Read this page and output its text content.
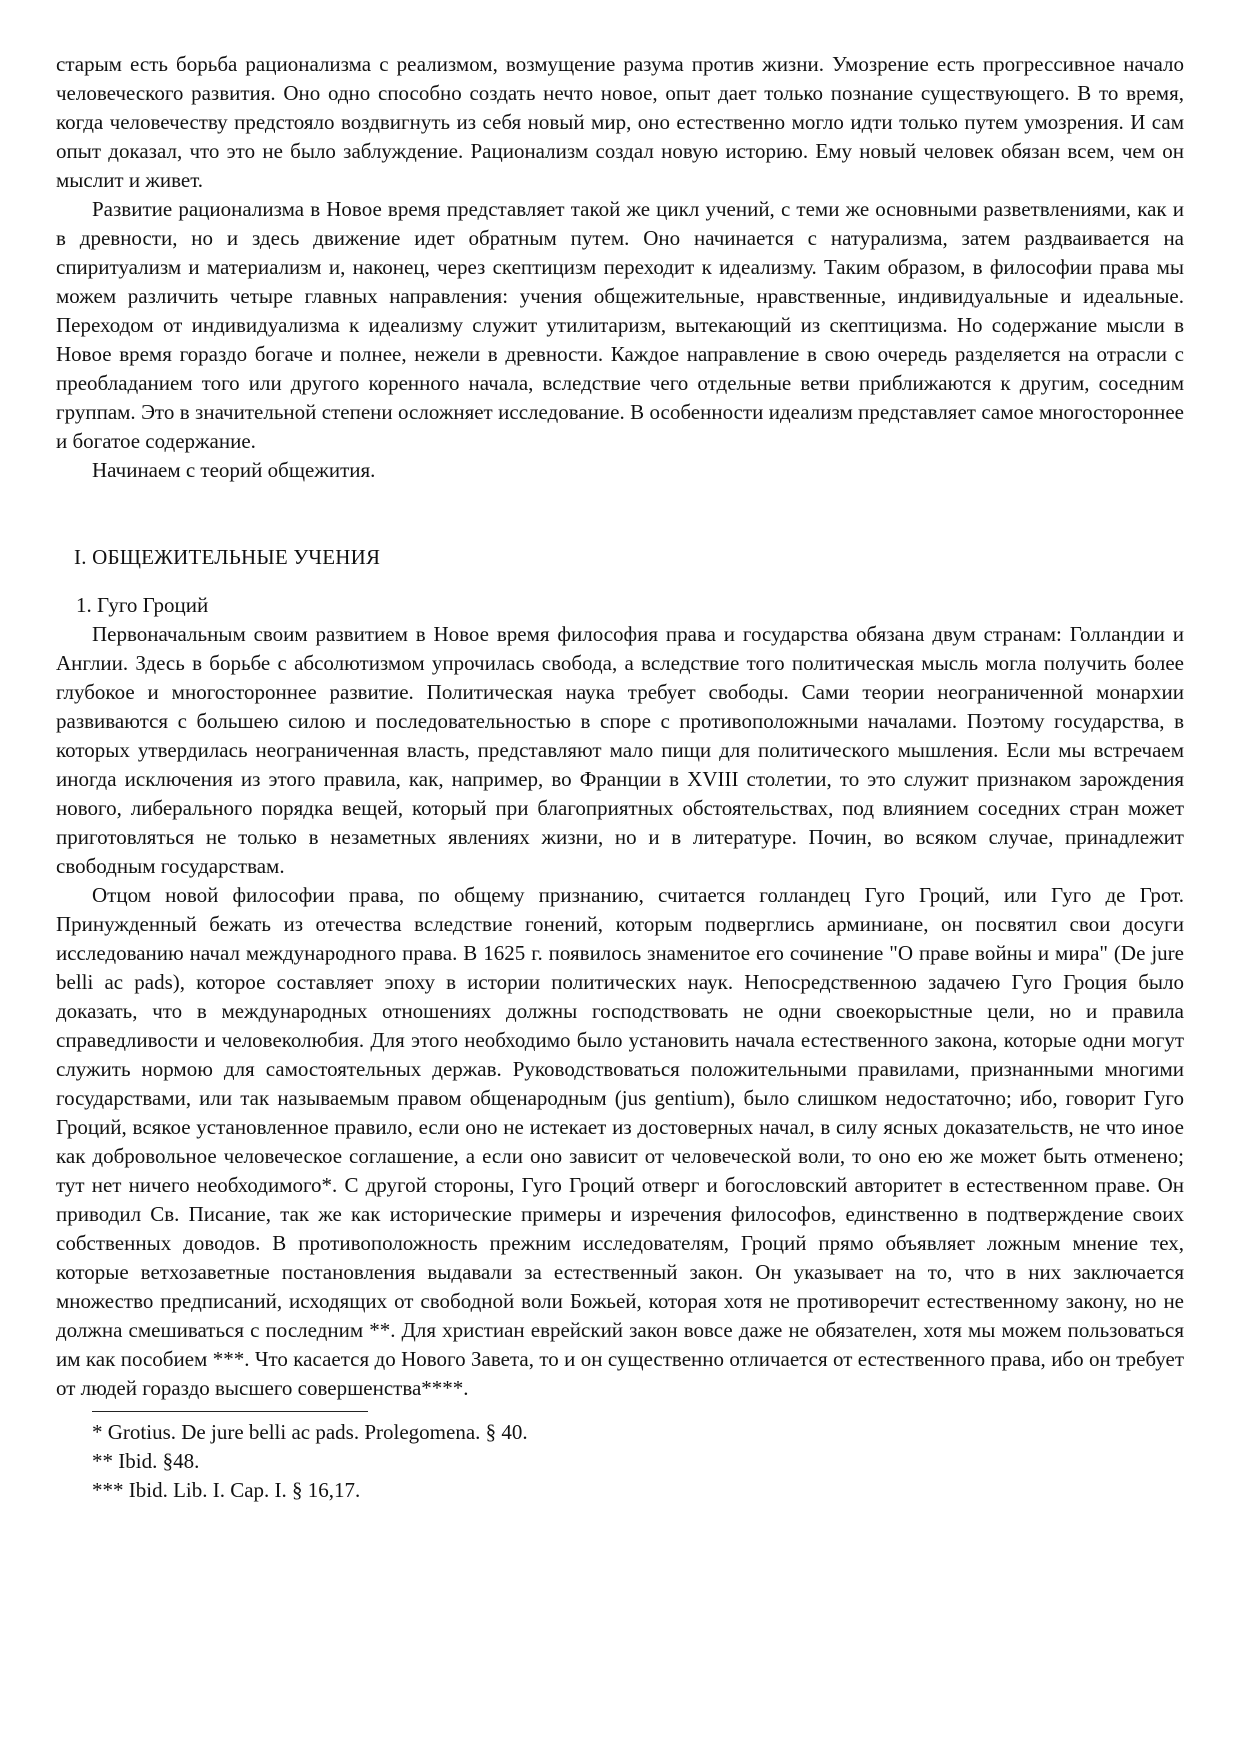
старым есть борьба рационализма с реализмом, возмущение разума против жизни. Умозрение есть прогрессивное начало человеческого развития. Оно одно способно создать нечто новое, опыт дает только познание существующего. В то время, когда человечеству предстояло воздвигнуть из себя новый мир, оно естественно могло идти только путем умозрения. И сам опыт доказал, что это не было заблуждение. Рационализм создал новую историю. Ему новый человек обязан всем, чем он мыслит и живет.

Развитие рационализма в Новое время представляет такой же цикл учений, с теми же основными разветвлениями, как и в древности, но и здесь движение идет обратным путем. Оно начинается с натурализма, затем раздваивается на спиритуализм и материализм и, наконец, через скептицизм переходит к идеализму. Таким образом, в философии права мы можем различить четыре главных направления: учения общежительные, нравственные, индивидуальные и идеальные. Переходом от индивидуализма к идеализму служит утилитаризм, вытекающий из скептицизма. Но содержание мысли в Новое время гораздо богаче и полнее, нежели в древности. Каждое направление в свою очередь разделяется на отрасли с преобладанием того или другого коренного начала, вследствие чего отдельные ветви приближаются к другим, соседним группам. Это в значительной степени осложняет исследование. В особенности идеализм представляет самое многостороннее и богатое содержание.

Начинаем с теорий общежития.

I. ОБЩЕЖИТЕЛЬНЫЕ УЧЕНИЯ
1. Гуго Гроций

Первоначальным своим развитием в Новое время философия права и государства обязана двум странам: Голландии и Англии. Здесь в борьбе с абсолютизмом упрочилась свобода, а вследствие того политическая мысль могла получить более глубокое и многостороннее развитие. Политическая наука требует свободы. Сами теории неограниченной монархии развиваются с большею силою и последовательностью в споре с противоположными началами. Поэтому государства, в которых утвердилась неограниченная власть, представляют мало пищи для политического мышления. Если мы встречаем иногда исключения из этого правила, как, например, во Франции в XVIII столетии, то это служит признаком зарождения нового, либерального порядка вещей, который при благоприятных обстоятельствах, под влиянием соседних стран может приготовляться не только в незаметных явлениях жизни, но и в литературе. Почин, во всяком случае, принадлежит свободным государствам.

Отцом новой философии права, по общему признанию, считается голландец Гуго Гроций, или Гуго де Грот. Принужденный бежать из отечества вследствие гонений, которым подверглись арминиане, он посвятил свои досуги исследованию начал международного права. В 1625 г. появилось знаменитое его сочинение "О праве войны и мира" (De jure belli ac pads), которое составляет эпоху в истории политических наук. Непосредственною задачею Гуго Гроция было доказать, что в международных отношениях должны господствовать не одни своекорыстные цели, но и правила справедливости и человеколюбия. Для этого необходимо было установить начала естественного закона, которые одни могут служить нормою для самостоятельных держав. Руководствоваться положительными правилами, признанными многими государствами, или так называемым правом общенародным (jus gentium), было слишком недостаточно; ибо, говорит Гуго Гроций, всякое установленное правило, если оно не истекает из достоверных начал, в силу ясных доказательств, не что иное как добровольное человеческое соглашение, а если оно зависит от человеческой воли, то оно ею же может быть отменено; тут нет ничего необходимого*. С другой стороны, Гуго Гроций отверг и богословский авторитет в естественном праве. Он приводил Св. Писание, так же как исторические примеры и изречения философов, единственно в подтверждение своих собственных доводов. В противоположность прежним исследователям, Гроций прямо объявляет ложным мнение тех, которые ветхозаветные постановления выдавали за естественный закон. Он указывает на то, что в них заключается множество предписаний, исходящих от свободной воли Божьей, которая хотя не противоречит естественному закону, но не должна смешиваться с последним **. Для христиан еврейский закон вовсе даже не обязателен, хотя мы можем пользоваться им как пособием ***. Что касается до Нового Завета, то и он существенно отличается от естественного права, ибо он требует от людей гораздо высшего совершенства****.

* Grotius. De jure belli ac pads. Prolegomena. § 40.

** Ibid. §48.

*** Ibid. Lib. I. Cap. I. § 16,17.
